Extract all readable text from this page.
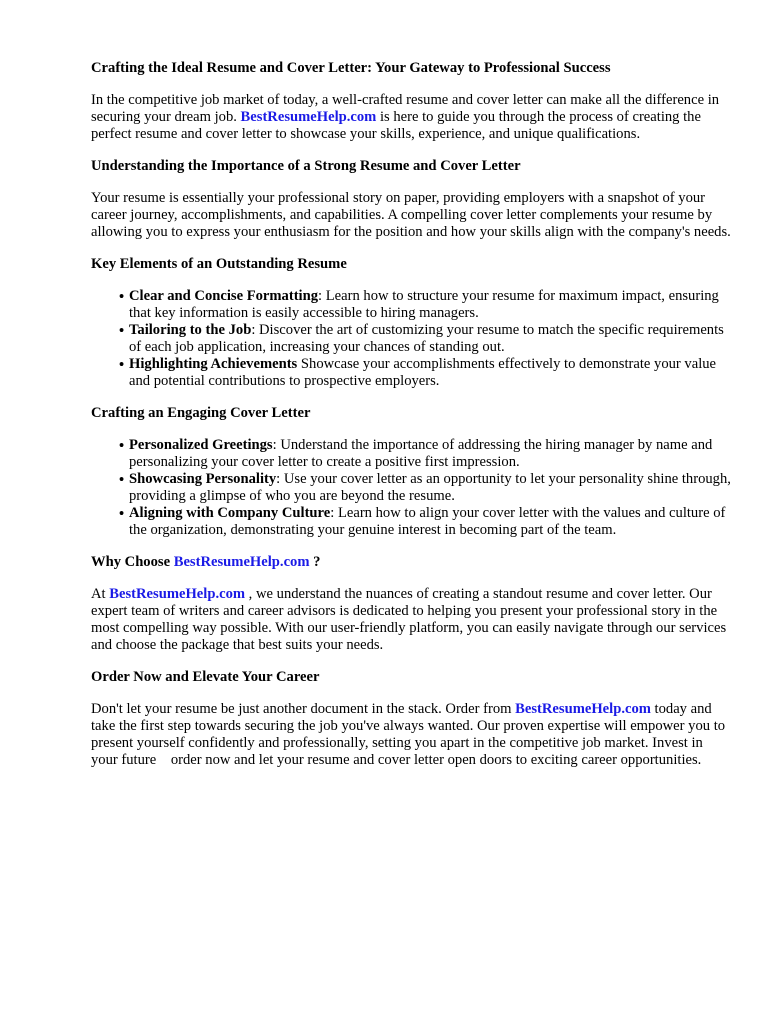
Crafting the Ideal Resume and Cover Letter: Your Gateway to Professional Success

In the competitive job market of today, a well-crafted resume and cover letter can make all the difference in securing your dream job. BestResumeHelp.com is here to guide you through the process of creating the perfect resume and cover letter to showcase your skills, experience, and unique qualifications.

Understanding the Importance of a Strong Resume and Cover Letter

Your resume is essentially your professional story on paper, providing employers with a snapshot of your career journey, accomplishments, and capabilities. A compelling cover letter complements your resume by allowing you to express your enthusiasm for the position and how your skills align with the company's needs.

Key Elements of an Outstanding Resume
• Clear and Concise Formatting: Learn how to structure your resume for maximum impact, ensuring that key information is easily accessible to hiring managers.
• Tailoring to the Job: Discover the art of customizing your resume to match the specific requirements of each job application, increasing your chances of standing out.
• Highlighting Achievements Showcase your accomplishments effectively to demonstrate your value and potential contributions to prospective employers.
Crafting an Engaging Cover Letter
• Personalized Greetings: Understand the importance of addressing the hiring manager by name and personalizing your cover letter to create a positive first impression.
• Showcasing Personality: Use your cover letter as an opportunity to let your personality shine through, providing a glimpse of who you are beyond the resume.
• Aligning with Company Culture: Learn how to align your cover letter with the values and culture of the organization, demonstrating your genuine interest in becoming part of the team.
Why Choose BestResumeHelp.com ?

At BestResumeHelp.com , we understand the nuances of creating a standout resume and cover letter. Our expert team of writers and career advisors is dedicated to helping you present your professional story in the most compelling way possible. With our user-friendly platform, you can easily navigate through our services and choose the package that best suits your needs.

Order Now and Elevate Your Career

Don't let your resume be just another document in the stack. Order from BestResumeHelp.com today and take the first step towards securing the job you've always wanted. Our proven expertise will empower you to present yourself confidently and professionally, setting you apart in the competitive job market. Invest in your future    order now and let your resume and cover letter open doors to exciting career opportunities.
